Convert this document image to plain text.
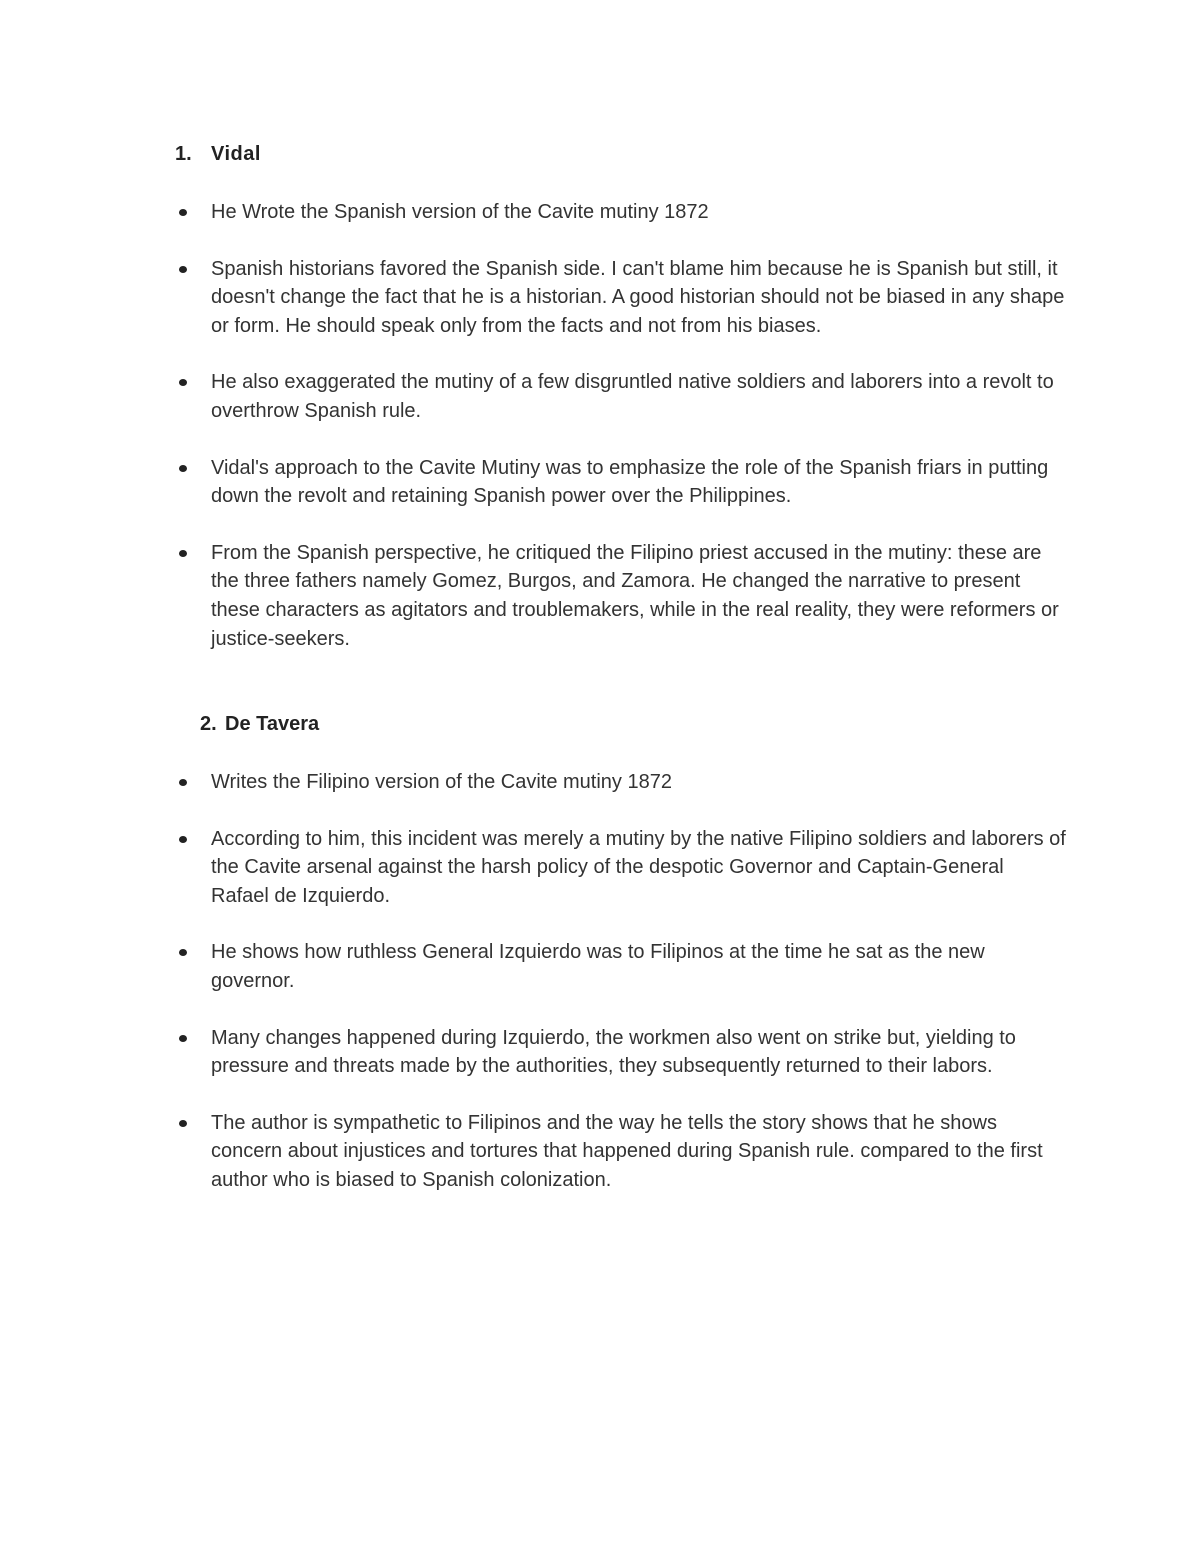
1. Vidal
He Wrote the Spanish version of the Cavite mutiny 1872
Spanish historians favored the Spanish side. I can't blame him because he is Spanish but still, it doesn't change the fact that he is a historian. A good historian should not be biased in any shape or form. He should speak only from the facts and not from his biases.
He also exaggerated the mutiny of a few disgruntled native soldiers and laborers into a revolt to overthrow Spanish rule.
Vidal's approach to the Cavite Mutiny was to emphasize the role of the Spanish friars in putting down the revolt and retaining Spanish power over the Philippines.
From the Spanish perspective, he critiqued the Filipino priest accused in the mutiny: these are the three fathers namely Gomez, Burgos, and Zamora. He changed the narrative to present these characters as agitators and troublemakers, while in the real reality, they were reformers or justice-seekers.
2. De Tavera
Writes the Filipino version of the Cavite mutiny 1872
According to him, this incident was merely a mutiny by the native Filipino soldiers and laborers of the Cavite arsenal against the harsh policy of the despotic Governor and Captain-General Rafael de Izquierdo.
He shows how ruthless General Izquierdo was to Filipinos at the time he sat as the new governor.
Many changes happened during Izquierdo, the workmen also went on strike but, yielding to pressure and threats made by the authorities, they subsequently returned to their labors.
The author is sympathetic to Filipinos and the way he tells the story shows that he shows concern about injustices and tortures that happened during Spanish rule. compared to the first author who is biased to Spanish colonization.
